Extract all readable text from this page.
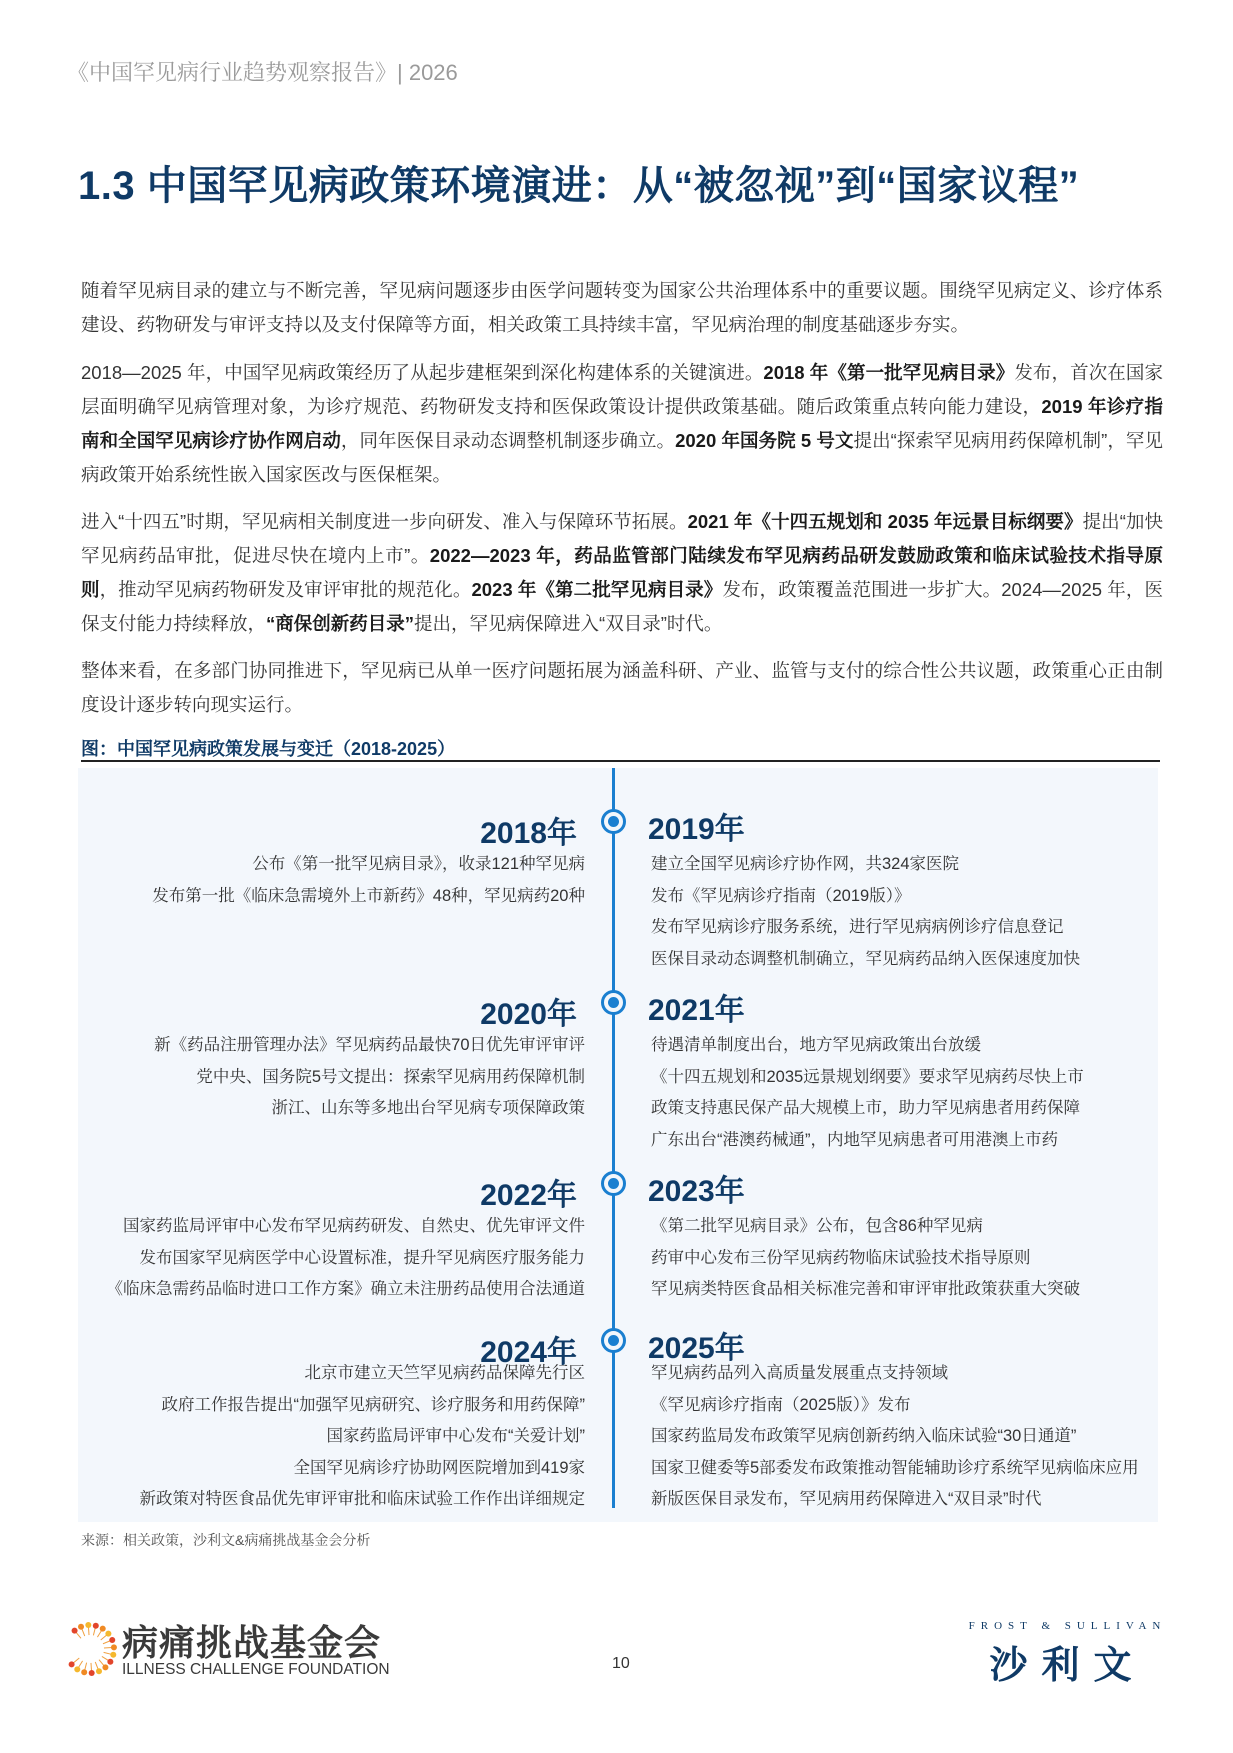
《中国罕见病行业趋势观察报告》| 2026
1.3 中国罕见病政策环境演进：从“被忽视”到“国家议程”
随着罕见病目录的建立与不断完善，罕见病问题逐步由医学问题转变为国家公共治理体系中的重要议题。围绕罕见病定义、诊疗体系建设、药物研发与审评支持以及支付保障等方面，相关政策工具持续丰富，罕见病治理的制度基础逐步夯实。
2018—2025 年，中国罕见病政策经历了从起步建框架到深化构建体系的关键演进。2018 年《第一批罕见病目录》发布，首次在国家层面明确罕见病管理对象，为诊疗规范、药物研发支持和医保政策设计提供政策基础。随后政策重点转向能力建设，2019 年诊疗指南和全国罕见病诊疗协作网启动，同年医保目录动态调整机制逐步确立。2020 年国务院 5 号文提出“探索罕见病用药保障机制”，罕见病政策开始系统性嵌入国家医改与医保框架。
进入“十四五”时期，罕见病相关制度进一步向研发、准入与保障环节拓展。2021 年《十四五规划和 2035 年远景目标纲要》提出“加快罕见病药品审批，促进尽快在境内上市”。2022—2023 年，药品监管部门陆续发布罕见病药品研发鼓励政策和临床试验技术指导原则，推动罕见病药物研发及审评审批的规范化。2023 年《第二批罕见病目录》发布，政策覆盖范围进一步扩大。2024—2025 年，医保支付能力持续释放，“商保创新药目录”提出，罕见病保障进入“双目录”时代。
整体来看，在多部门协同推进下，罕见病已从单一医疗问题拓展为涵盖科研、产业、监管与支付的综合性公共议题，政策重心正由制度设计逐步转向现实运行。
图：中国罕见病政策发展与变迁（2018-2025）
2018年
公布《第一批罕见病目录》，收录121种罕见病
发布第一批《临床急需境外上市新药》48种，罕见病药20种
2019年
建立全国罕见病诊疗协作网，共324家医院
发布《罕见病诊疗指南（2019版）》
发布罕见病诊疗服务系统，进行罕见病病例诊疗信息登记
医保目录动态调整机制确立，罕见病药品纳入医保速度加快
2020年
新《药品注册管理办法》罕见病药品最快70日优先审评审评
党中央、国务院5号文提出：探索罕见病用药保障机制
浙江、山东等多地出台罕见病专项保障政策
2021年
待遇清单制度出台，地方罕见病政策出台放缓
《十四五规划和2035远景规划纲要》要求罕见病药尽快上市
政策支持惠民保产品大规模上市，助力罕见病患者用药保障
广东出台“港澳药械通”，内地罕见病患者可用港澳上市药
2022年
国家药监局评审中心发布罕见病药研发、自然史、优先审评文件
发布国家罕见病医学中心设置标准，提升罕见病医疗服务能力
《临床急需药品临时进口工作方案》确立未注册药品使用合法通道
2023年
《第二批罕见病目录》公布，包含86种罕见病
药审中心发布三份罕见病药物临床试验技术指导原则
罕见病类特医食品相关标准完善和审评审批政策获重大突破
2024年
北京市建立天竺罕见病药品保障先行区
政府工作报告提出“加强罕见病研究、诊疗服务和用药保障”
国家药监局评审中心发布“关爱计划”
全国罕见病诊疗协助网医院增加到419家
新政策对特医食品优先审评审批和临床试验工作作出详细规定
2025年
罕见病药品列入高质量发展重点支持领域
《罕见病诊疗指南（2025版）》发布
国家药监局发布政策罕见病创新药纳入临床试验“30日通道”
国家卫健委等5部委发布政策推动智能辅助诊疗系统罕见病临床应用
新版医保目录发布，罕见病用药保障进入“双目录”时代
来源：相关政策，沙利文&病痛挑战基金会分析
病痛挑战基金会
ILLNESS CHALLENGE FOUNDATION	10
FROST & SULLIVAN
沙利文
